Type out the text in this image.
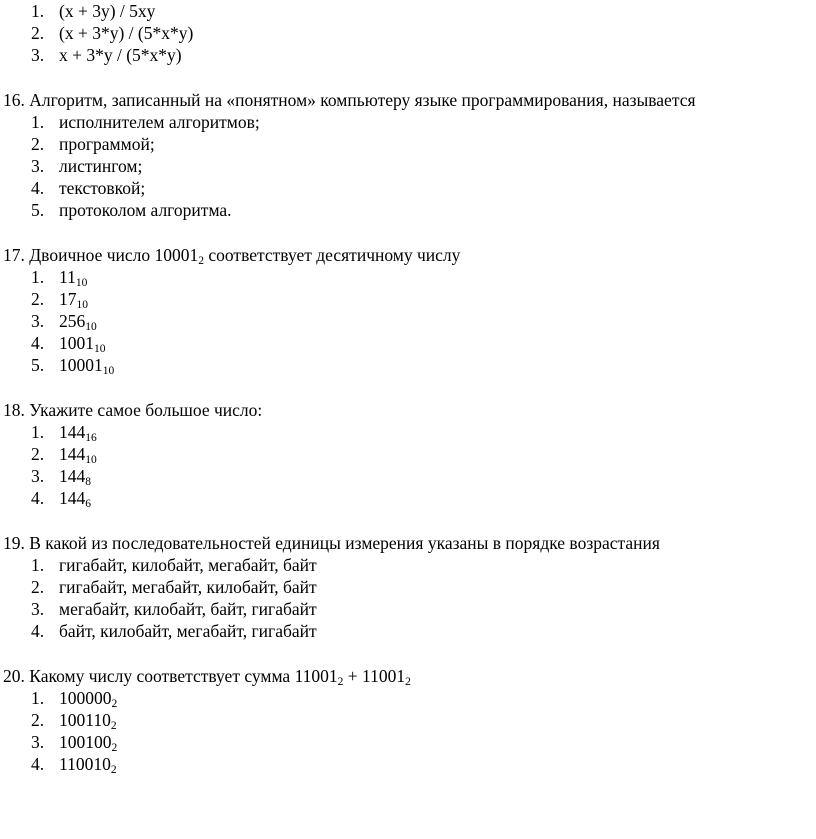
1. (x + 3y) / 5xy
2. (x + 3*y) / (5*x*y)
3. x + 3*y / (5*x*y)
16. Алгоритм, записанный на «понятном» компьютеру языке программирования, называется
1. исполнителем алгоритмов;
2. программой;
3. листингом;
4. текстовкой;
5. протоколом алгоритма.
17. Двоичное число $10001_2$ соответствует десятичному числу
1. $11_{10}$
2. $17_{10}$
3. $256_{10}$
4. $1001_{10}$
5. $10001_{10}$
18. Укажите самое большое число:
1. $144_{16}$
2. $144_{10}$
3. $144_8$
4. $144_6$
19. В какой из последовательностей единицы измерения указаны в порядке возрастания
1. гигабайт, килобайт, мегабайт, байт
2. гигабайт, мегабайт, килобайт, байт
3. мегабайт, килобайт, байт, гигабайт
4. байт, килобайт, мегабайт, гигабайт
20. Какому числу соответствует сумма $11001_2 + 11001_2$
1. $100000_2$
2. $100110_2$
3. $100100_2$
4. $110010_2$
